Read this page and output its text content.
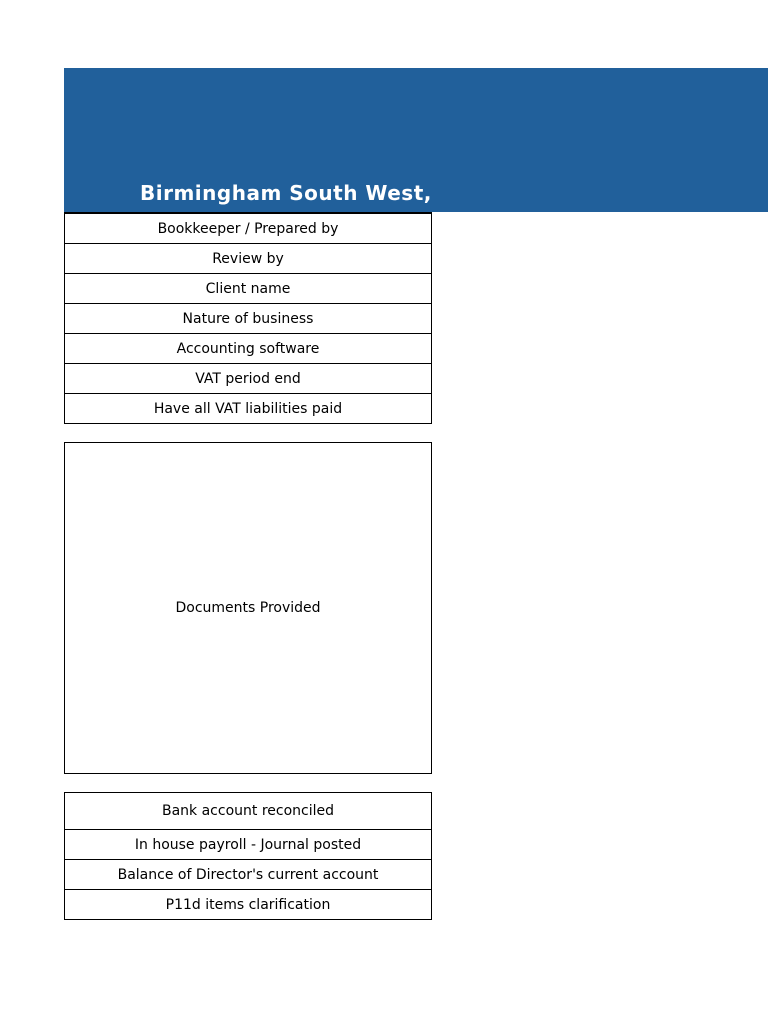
Birmingham South West,
Bookkeeper / Prepared by
Review by
Client name
Nature of business
Accounting software
VAT period end
Have all VAT liabilities paid
Documents Provided
Bank account reconciled
In house payroll - Journal posted
Balance of Director's current account
P11d items clarification
